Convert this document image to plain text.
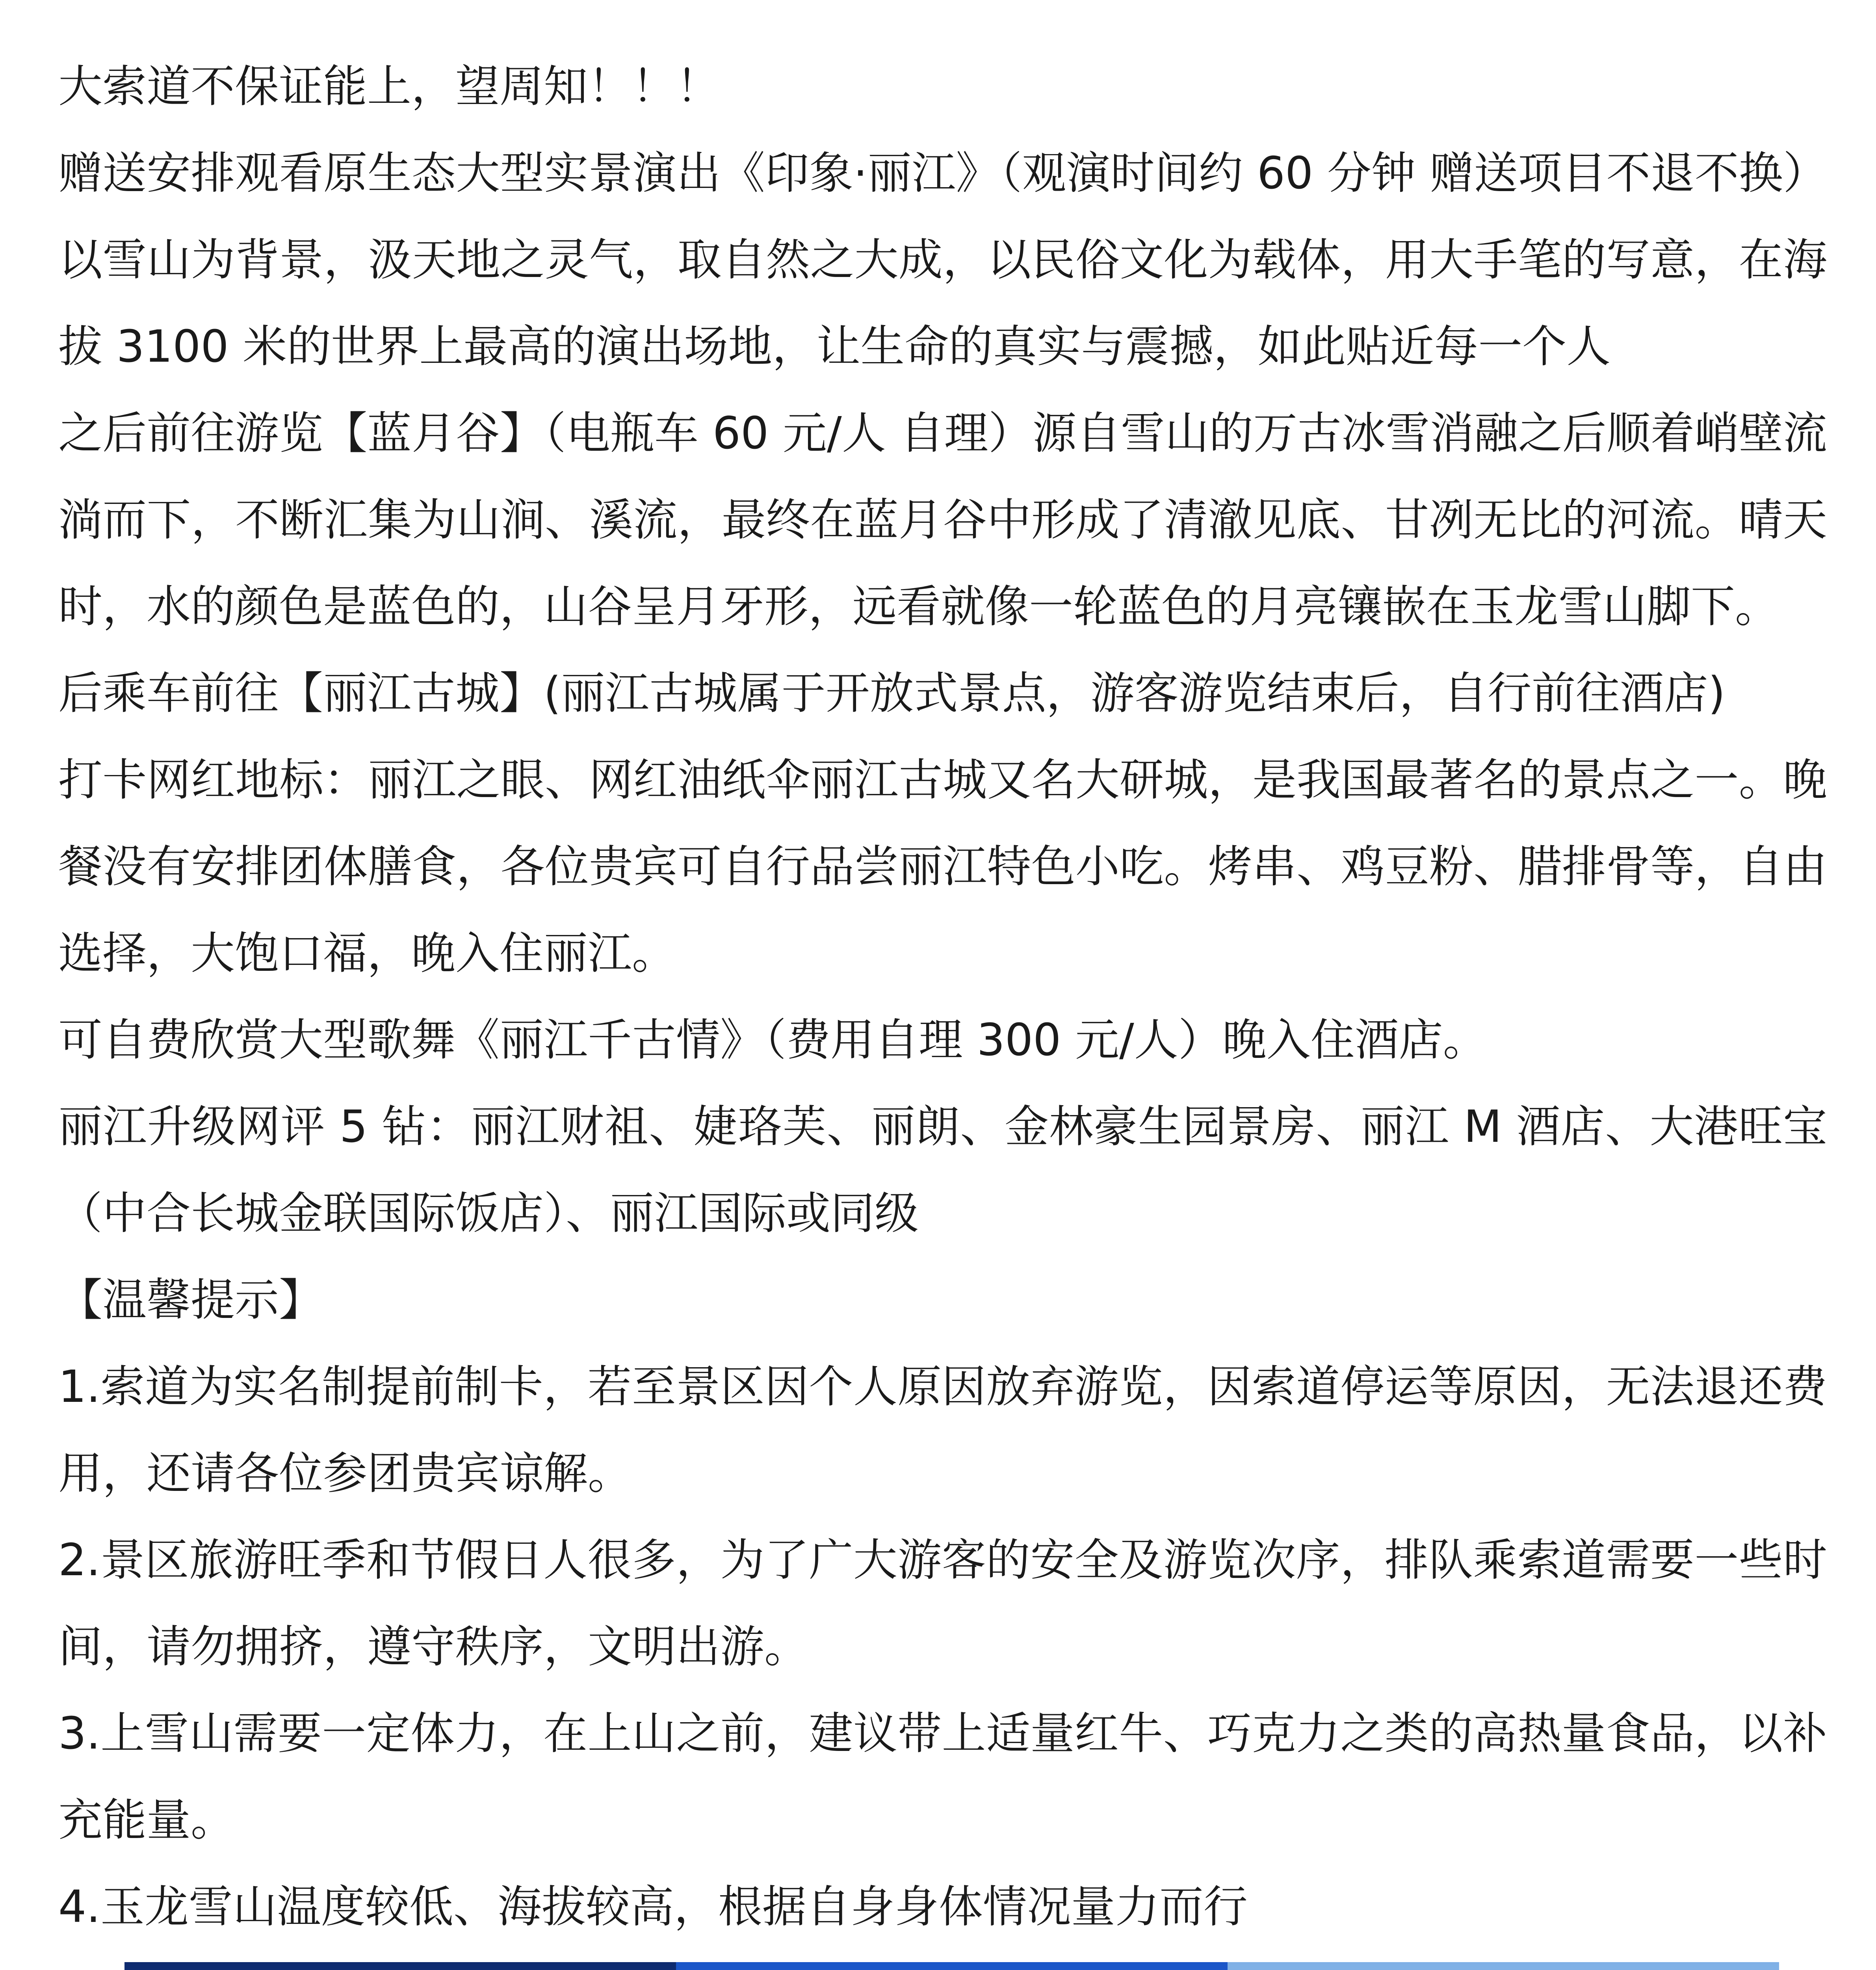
大索道不保证能上，望周知！！！

赠送安排观看原生态大型实景演出《印象·丽江》（观演时间约 60 分钟 赠送项目不退不换）以雪山为背景，汲天地之灵气，取自然之大成，以民俗文化为载体，用大手笔的写意，在海拔 3100 米的世界上最高的演出场地，让生命的真实与震撼，如此贴近每一个人

之后前往游览【蓝月谷】（电瓶车 60 元/人 自理）源自雪山的万古冰雪消融之后顺着峭壁流淌而下，不断汇集为山涧、溪流，最终在蓝月谷中形成了清澈见底、甘冽无比的河流。晴天时，水的颜色是蓝色的，山谷呈月牙形，远看就像一轮蓝色的月亮镶嵌在玉龙雪山脚下。

后乘车前往【丽江古城】(丽江古城属于开放式景点，游客游览结束后，自行前往酒店)

打卡网红地标：丽江之眼、网红油纸伞丽江古城又名大研城，是我国最著名的景点之一。晚餐没有安排团体膳食，各位贵宾可自行品尝丽江特色小吃。烤串、鸡豆粉、腊排骨等，自由选择，大饱口福，晚入住丽江。

可自费欣赏大型歌舞《丽江千古情》（费用自理 300 元/人）晚入住酒店。

丽江升级网评 5 钻：丽江财祖、婕珞芙、丽朗、金林豪生园景房、丽江 M 酒店、大港旺宝（中合长城金联国际饭店）、丽江国际或同级

【温馨提示】

1.索道为实名制提前制卡，若至景区因个人原因放弃游览，因索道停运等原因，无法退还费用，还请各位参团贵宾谅解。

2.景区旅游旺季和节假日人很多，为了广大游客的安全及游览次序，排队乘索道需要一些时间，请勿拥挤，遵守秩序，文明出游。

3.上雪山需要一定体力，在上山之前，建议带上适量红牛、巧克力之类的高热量食品，以补充能量。

4.玉龙雪山温度较低、海拔较高，根据自身身体情况量力而行
